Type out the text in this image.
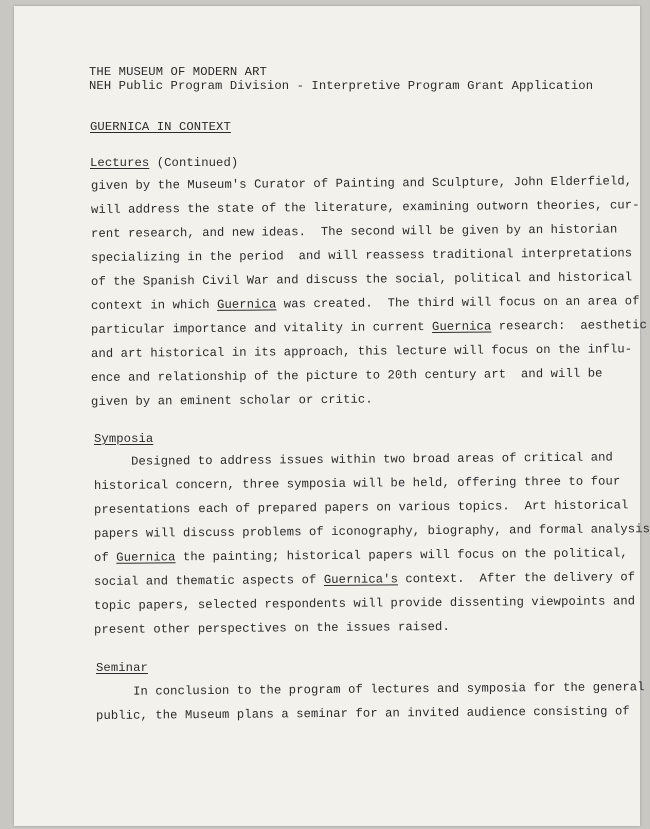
THE MUSEUM OF MODERN ART
NEH Public Program Division - Interpretive Program Grant Application
GUERNICA IN CONTEXT
Lectures (Continued)
given by the Museum's Curator of Painting and Sculpture, John Elderfield,
will address the state of the literature, examining outworn theories, cur-
rent research, and new ideas.  The second will be given by an historian
specializing in the period  and will reassess traditional interpretations
of the Spanish Civil War and discuss the social, political and historical
context in which Guernica was created.  The third will focus on an area of
particular importance and vitality in current Guernica research:  aesthetic
and art historical in its approach, this lecture will focus on the influ-
ence and relationship of the picture to 20th century art  and will be
given by an eminent scholar or critic.
Symposia
Designed to address issues within two broad areas of critical and
historical concern, three symposia will be held, offering three to four
presentations each of prepared papers on various topics.  Art historical
papers will discuss problems of iconography, biography, and formal analysis
of Guernica the painting; historical papers will focus on the political,
social and thematic aspects of Guernica's context.  After the delivery of
topic papers, selected respondents will provide dissenting viewpoints and
present other perspectives on the issues raised.
Seminar
In conclusion to the program of lectures and symposia for the general
public, the Museum plans a seminar for an invited audience consisting of
